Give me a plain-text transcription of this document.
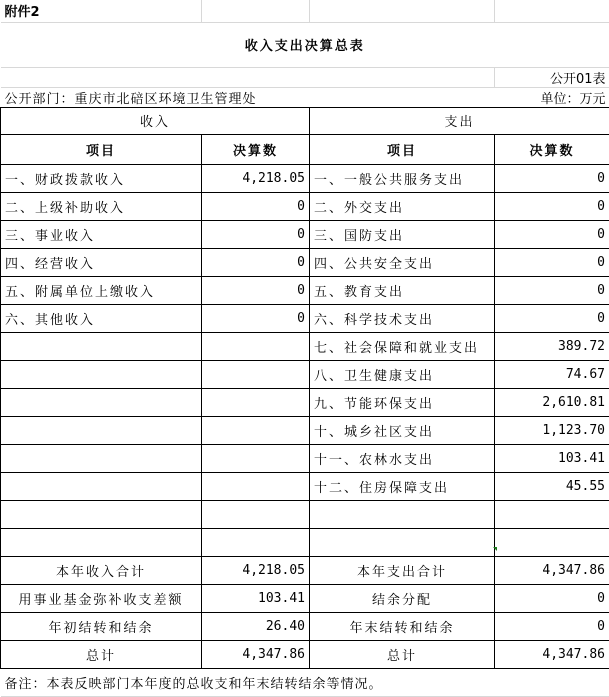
附件2			
收入支出决算总表			
			公开01表
公开部门：重庆市北碚区环境卫生管理处			单位：万元
收入		支出	
项目	决算数	项目	决算数
一、财政拨款收入	4,218.05	一、一般公共服务支出	0
二、上级补助收入	0	二、外交支出	0
三、事业收入	0	三、国防支出	0
四、经营收入	0	四、公共安全支出	0
五、附属单位上缴收入	0	五、教育支出	0
六、其他收入	0	六、科学技术支出	0
		七、社会保障和就业支出	389.72
		八、卫生健康支出	74.67
		九、节能环保支出	2,610.81
		十、城乡社区支出	1,123.70
		十一、农林水支出	103.41
		十二、住房保障支出	45.55

本年收入合计	4,218.05	本年支出合计	4,347.86
用事业基金弥补收支差额	103.41	结余分配	0
年初结转和结余	26.40	年末结转和结余	0
总计	4,347.86	总计	4,347.86
备注：本表反映部门本年度的总收支和年末结转结余等情况。			
